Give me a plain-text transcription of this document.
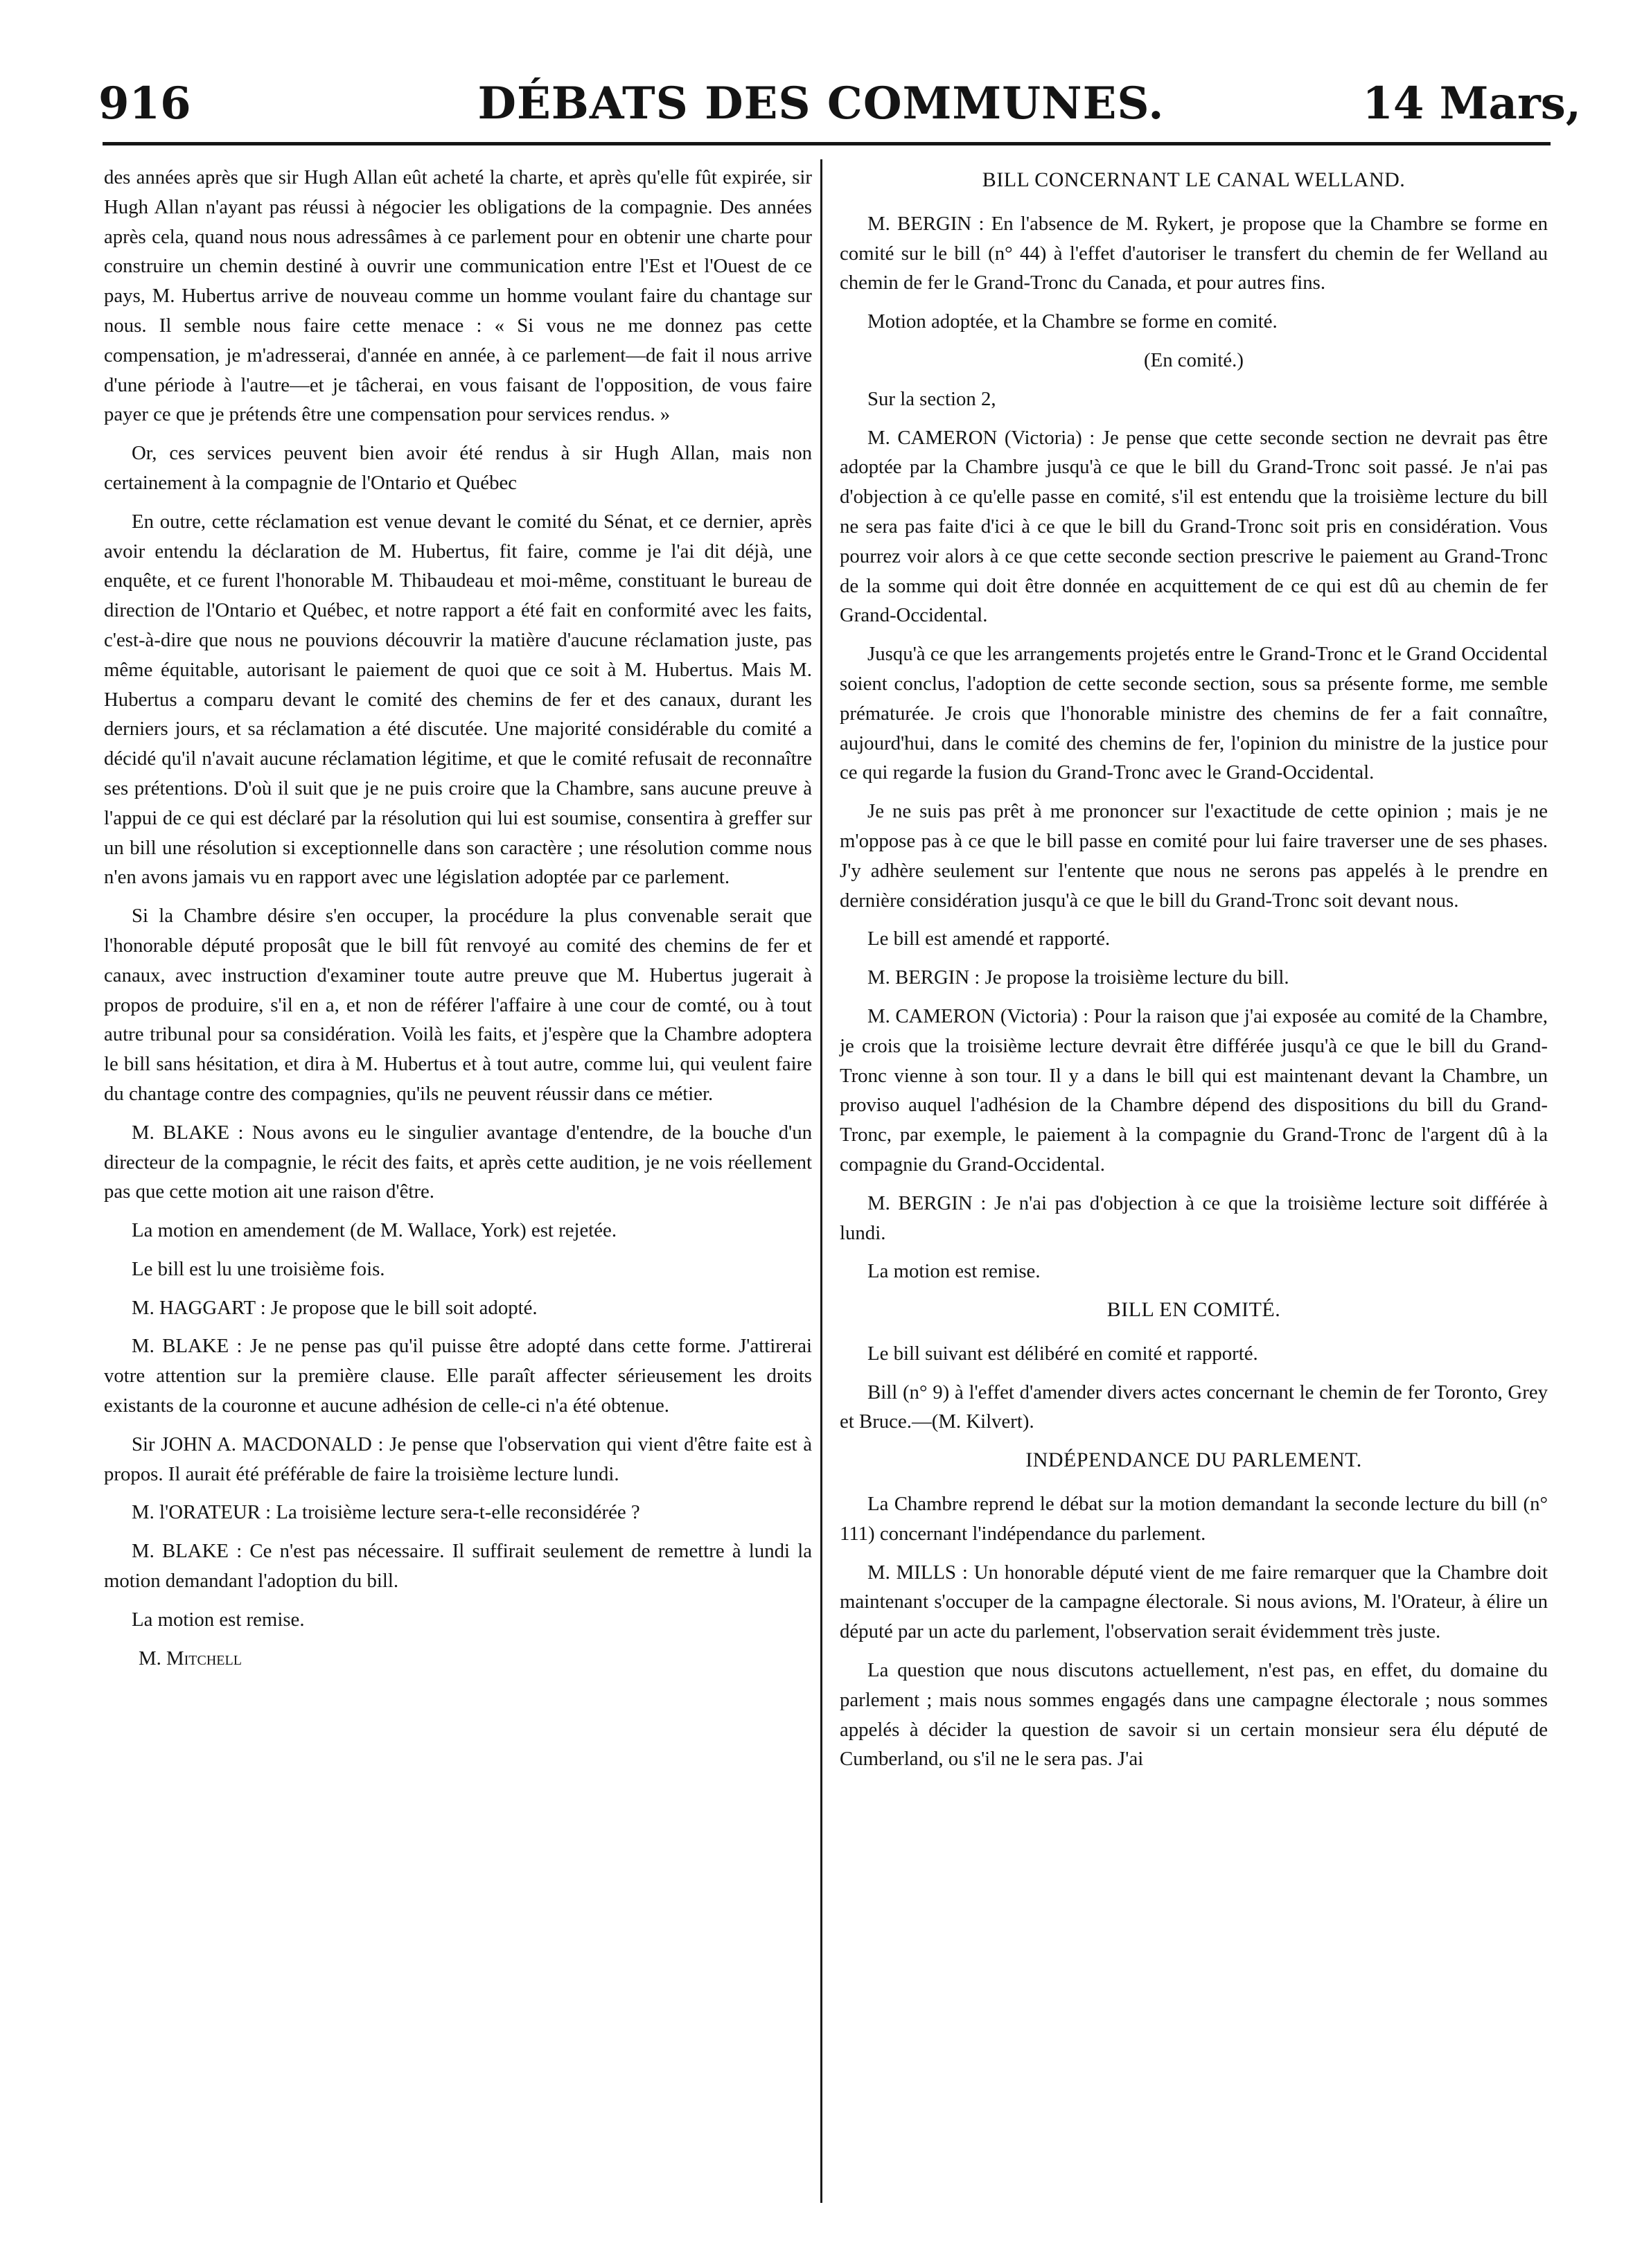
916	DÉBATS DES COMMUNES.	14 Mars,

des années après que sir Hugh Allan eût acheté la charte, et après qu'elle fût expirée, sir Hugh Allan n'ayant pas réussi à négocier les obligations de la compagnie. Des années après cela, quand nous nous adressâmes à ce parlement pour en obtenir une charte pour construire un chemin destiné à ouvrir une communication entre l'Est et l'Ouest de ce pays, M. Hubertus arrive de nouveau comme un homme voulant faire du chantage sur nous. Il semble nous faire cette menace : « Si vous ne me donnez pas cette compensation, je m'adresserai, d'année en année, à ce parlement—de fait il nous arrive d'une période à l'autre—et je tâcherai, en vous faisant de l'opposition, de vous faire payer ce que je prétends être une compensation pour services rendus. »

Or, ces services peuvent bien avoir été rendus à sir Hugh Allan, mais non certainement à la compagnie de l'Ontario et Québec

En outre, cette réclamation est venue devant le comité du Sénat, et ce dernier, après avoir entendu la déclaration de M. Hubertus, fit faire, comme je l'ai dit déjà, une enquête, et ce furent l'honorable M. Thibaudeau et moi-même, constituant le bureau de direction de l'Ontario et Québec, et notre rapport a été fait en conformité avec les faits, c'est-à-dire que nous ne pouvions découvrir la matière d'aucune réclamation juste, pas même équitable, autorisant le paiement de quoi que ce soit à M. Hubertus. Mais M. Hubertus a comparu devant le comité des chemins de fer et des canaux, durant les derniers jours, et sa réclamation a été discutée. Une majorité considérable du comité a décidé qu'il n'avait aucune réclamation légitime, et que le comité refusait de reconnaître ses prétentions. D'où il suit que je ne puis croire que la Chambre, sans aucune preuve à l'appui de ce qui est déclaré par la résolution qui lui est soumise, consentira à greffer sur un bill une résolution si exceptionnelle dans son caractère ; une résolution comme nous n'en avons jamais vu en rapport avec une législation adoptée par ce parlement.

Si la Chambre désire s'en occuper, la procédure la plus convenable serait que l'honorable député proposât que le bill fût renvoyé au comité des chemins de fer et canaux, avec instruction d'examiner toute autre preuve que M. Hubertus jugerait à propos de produire, s'il en a, et non de référer l'affaire à une cour de comté, ou à tout autre tribunal pour sa considération. Voilà les faits, et j'espère que la Chambre adoptera le bill sans hésitation, et dira à M. Hubertus et à tout autre, comme lui, qui veulent faire du chantage contre des compagnies, qu'ils ne peuvent réussir dans ce métier.

M. BLAKE : Nous avons eu le singulier avantage d'entendre, de la bouche d'un directeur de la compagnie, le récit des faits, et après cette audition, je ne vois réellement pas que cette motion ait une raison d'être.

La motion en amendement (de M. Wallace, York) est rejetée.

Le bill est lu une troisième fois.

M. HAGGART : Je propose que le bill soit adopté.

M. BLAKE : Je ne pense pas qu'il puisse être adopté dans cette forme. J'attirerai votre attention sur la première clause. Elle paraît affecter sérieusement les droits existants de la couronne et aucune adhésion de celle-ci n'a été obtenue.

Sir JOHN A. MACDONALD : Je pense que l'observation qui vient d'être faite est à propos. Il aurait été préférable de faire la troisième lecture lundi.

M. l'ORATEUR : La troisième lecture sera-t-elle reconsidérée ?

M. BLAKE : Ce n'est pas nécessaire. Il suffirait seulement de remettre à lundi la motion demandant l'adoption du bill.

La motion est remise.

M. Mitchell

BILL CONCERNANT LE CANAL WELLAND.

M. BERGIN : En l'absence de M. Rykert, je propose que la Chambre se forme en comité sur le bill (n° 44) à l'effet d'autoriser le transfert du chemin de fer Welland au chemin de fer le Grand-Tronc du Canada, et pour autres fins.

Motion adoptée, et la Chambre se forme en comité.

(En comité.)

Sur la section 2,

M. CAMERON (Victoria) : Je pense que cette seconde section ne devrait pas être adoptée par la Chambre jusqu'à ce que le bill du Grand-Tronc soit passé. Je n'ai pas d'objection à ce qu'elle passe en comité, s'il est entendu que la troisième lecture du bill ne sera pas faite d'ici à ce que le bill du Grand-Tronc soit pris en considération. Vous pourrez voir alors à ce que cette seconde section prescrive le paiement au Grand-Tronc de la somme qui doit être donnée en acquittement de ce qui est dû au chemin de fer Grand-Occidental.

Jusqu'à ce que les arrangements projetés entre le Grand-Tronc et le Grand Occidental soient conclus, l'adoption de cette seconde section, sous sa présente forme, me semble prématurée. Je crois que l'honorable ministre des chemins de fer a fait connaître, aujourd'hui, dans le comité des chemins de fer, l'opinion du ministre de la justice pour ce qui regarde la fusion du Grand-Tronc avec le Grand-Occidental.

Je ne suis pas prêt à me prononcer sur l'exactitude de cette opinion ; mais je ne m'oppose pas à ce que le bill passe en comité pour lui faire traverser une de ses phases. J'y adhère seulement sur l'entente que nous ne serons pas appelés à le prendre en dernière considération jusqu'à ce que le bill du Grand-Tronc soit devant nous.

Le bill est amendé et rapporté.

M. BERGIN : Je propose la troisième lecture du bill.

M. CAMERON (Victoria) : Pour la raison que j'ai exposée au comité de la Chambre, je crois que la troisième lecture devrait être différée jusqu'à ce que le bill du Grand-Tronc vienne à son tour. Il y a dans le bill qui est maintenant devant la Chambre, un proviso auquel l'adhésion de la Chambre dépend des dispositions du bill du Grand-Tronc, par exemple, le paiement à la compagnie du Grand-Tronc de l'argent dû à la compagnie du Grand-Occidental.

M. BERGIN : Je n'ai pas d'objection à ce que la troisième lecture soit différée à lundi.

La motion est remise.

BILL EN COMITÉ.

Le bill suivant est délibéré en comité et rapporté.

Bill (n° 9) à l'effet d'amender divers actes concernant le chemin de fer Toronto, Grey et Bruce.—(M. Kilvert).

INDÉPENDANCE DU PARLEMENT.

La Chambre reprend le débat sur la motion demandant la seconde lecture du bill (n° 111) concernant l'indépendance du parlement.

M. MILLS : Un honorable député vient de me faire remarquer que la Chambre doit maintenant s'occuper de la campagne électorale. Si nous avions, M. l'Orateur, à élire un député par un acte du parlement, l'observation serait évidemment très juste.

La question que nous discutons actuellement, n'est pas, en effet, du domaine du parlement ; mais nous sommes engagés dans une campagne électorale ; nous sommes appelés à décider la question de savoir si un certain monsieur sera élu député de Cumberland, ou s'il ne le sera pas. J'ai
